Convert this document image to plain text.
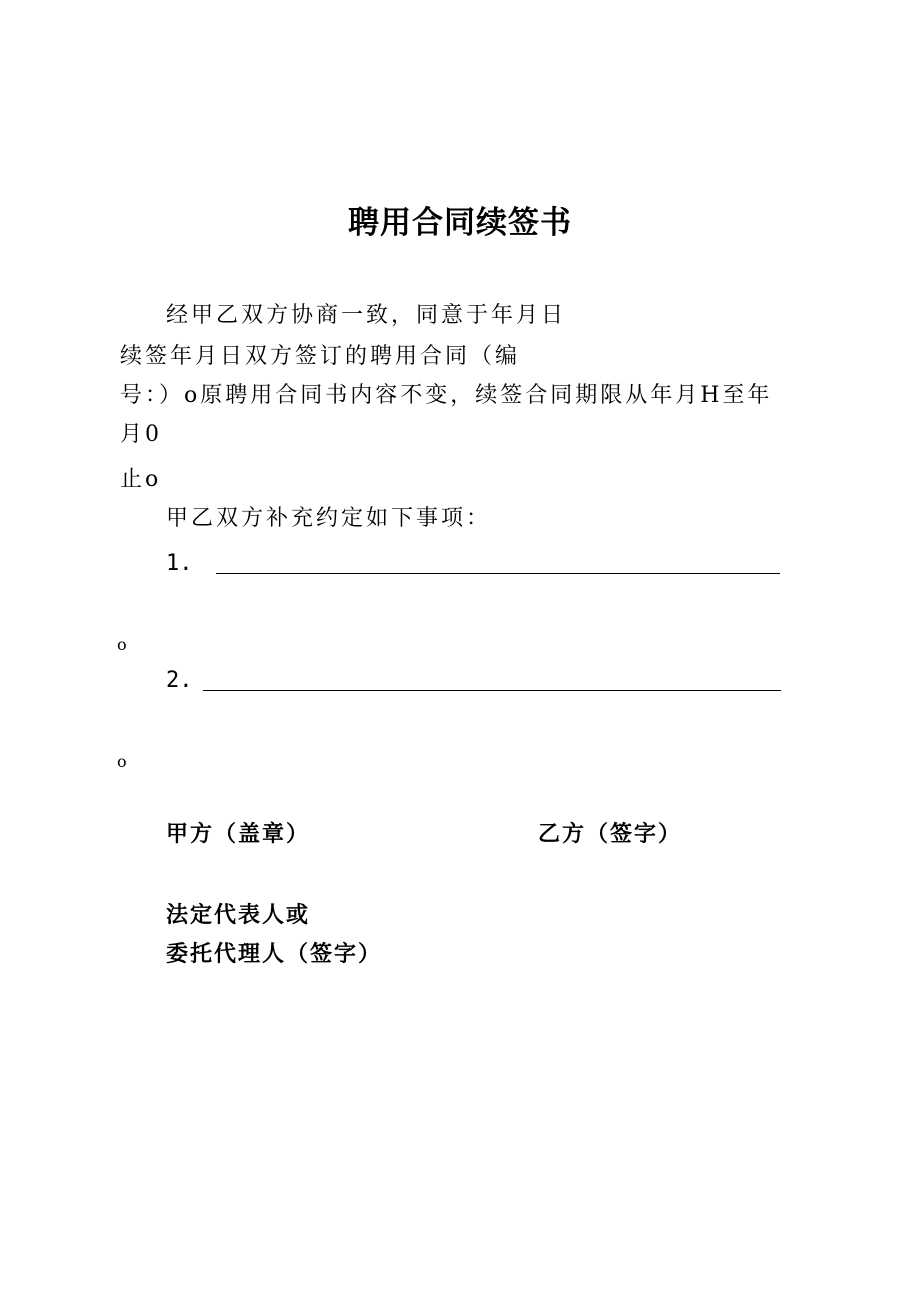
聘用合同续签书
经甲乙双方协商一致，同意于年月日
续签年月日双方签订的聘用合同（编
号：）o原聘用合同书内容不变，续签合同期限从年月H至年
月0
止o
甲乙双方补充约定如下事项：
1.
o
2.
o
甲方（盖章）	乙方（签字）
法定代表人或
委托代理人（签字）
